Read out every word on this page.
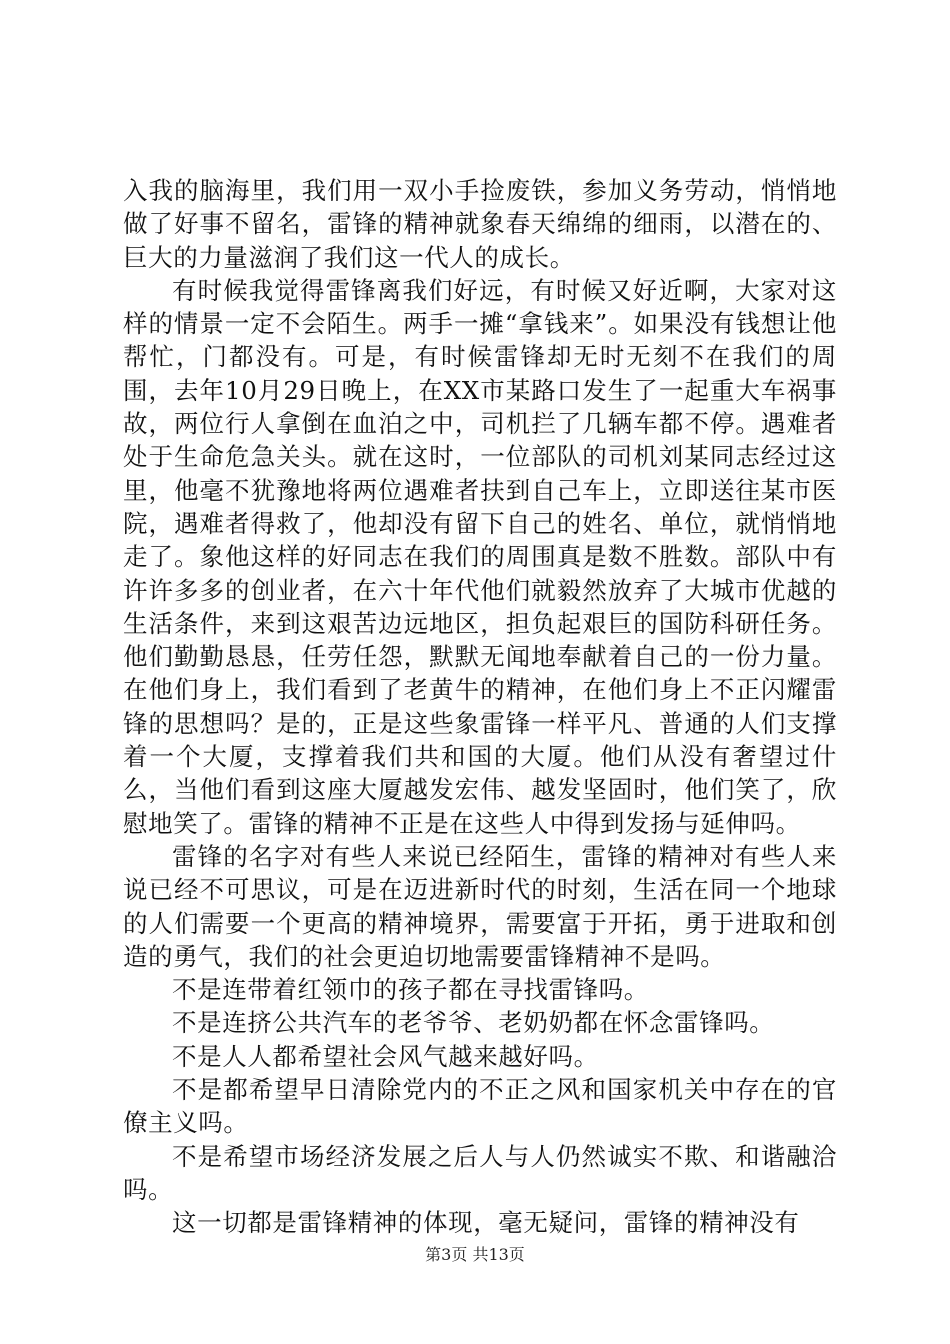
入我的脑海里，我们用一双小手捡废铁，参加义务劳动，悄悄地做了好事不留名，雷锋的精神就象春天绵绵的细雨，以潜在的、巨大的力量滋润了我们这一代人的成长。

有时候我觉得雷锋离我们好远，有时候又好近啊，大家对这样的情景一定不会陌生。两手一摊“拿钱来”。如果没有钱想让他帮忙，门都没有。可是，有时候雷锋却无时无刻不在我们的周围，去年10月29日晚上，在XX市某路口发生了一起重大车祸事故，两位行人拿倒在血泊之中，司机拦了几辆车都不停。遇难者处于生命危急关头。就在这时，一位部队的司机刘某同志经过这里，他毫不犹豫地将两位遇难者扶到自己车上，立即送往某市医院，遇难者得救了，他却没有留下自己的姓名、单位，就悄悄地走了。象他这样的好同志在我们的周围真是数不胜数。部队中有许许多多的创业者，在六十年代他们就毅然放弃了大城市优越的生活条件，来到这艰苦边远地区，担负起艰巨的国防科研任务。他们勤勤恳恳，任劳任怨，默默无闻地奉献着自己的一份力量。在他们身上，我们看到了老黄牛的精神，在他们身上不正闪耀雷锋的思想吗？是的，正是这些象雷锋一样平凡、普通的人们支撑着一个大厦，支撑着我们共和国的大厦。他们从没有奢望过什么，当他们看到这座大厦越发宏伟、越发坚固时，他们笑了，欣慰地笑了。雷锋的精神不正是在这些人中得到发扬与延伸吗。

雷锋的名字对有些人来说已经陌生，雷锋的精神对有些人来说已经不可思议，可是在迈进新时代的时刻，生活在同一个地球的人们需要一个更高的精神境界，需要富于开拓，勇于进取和创造的勇气，我们的社会更迫切地需要雷锋精神不是吗。

不是连带着红领巾的孩子都在寻找雷锋吗。

不是连挤公共汽车的老爷爷、老奶奶都在怀念雷锋吗。

不是人人都希望社会风气越来越好吗。

不是都希望早日清除党内的不正之风和国家机关中存在的官僚主义吗。

不是希望市场经济发展之后人与人仍然诚实不欺、和谐融洽吗。

这一切都是雷锋精神的体现，毫无疑问，雷锋的精神没有

第3页 共13页
